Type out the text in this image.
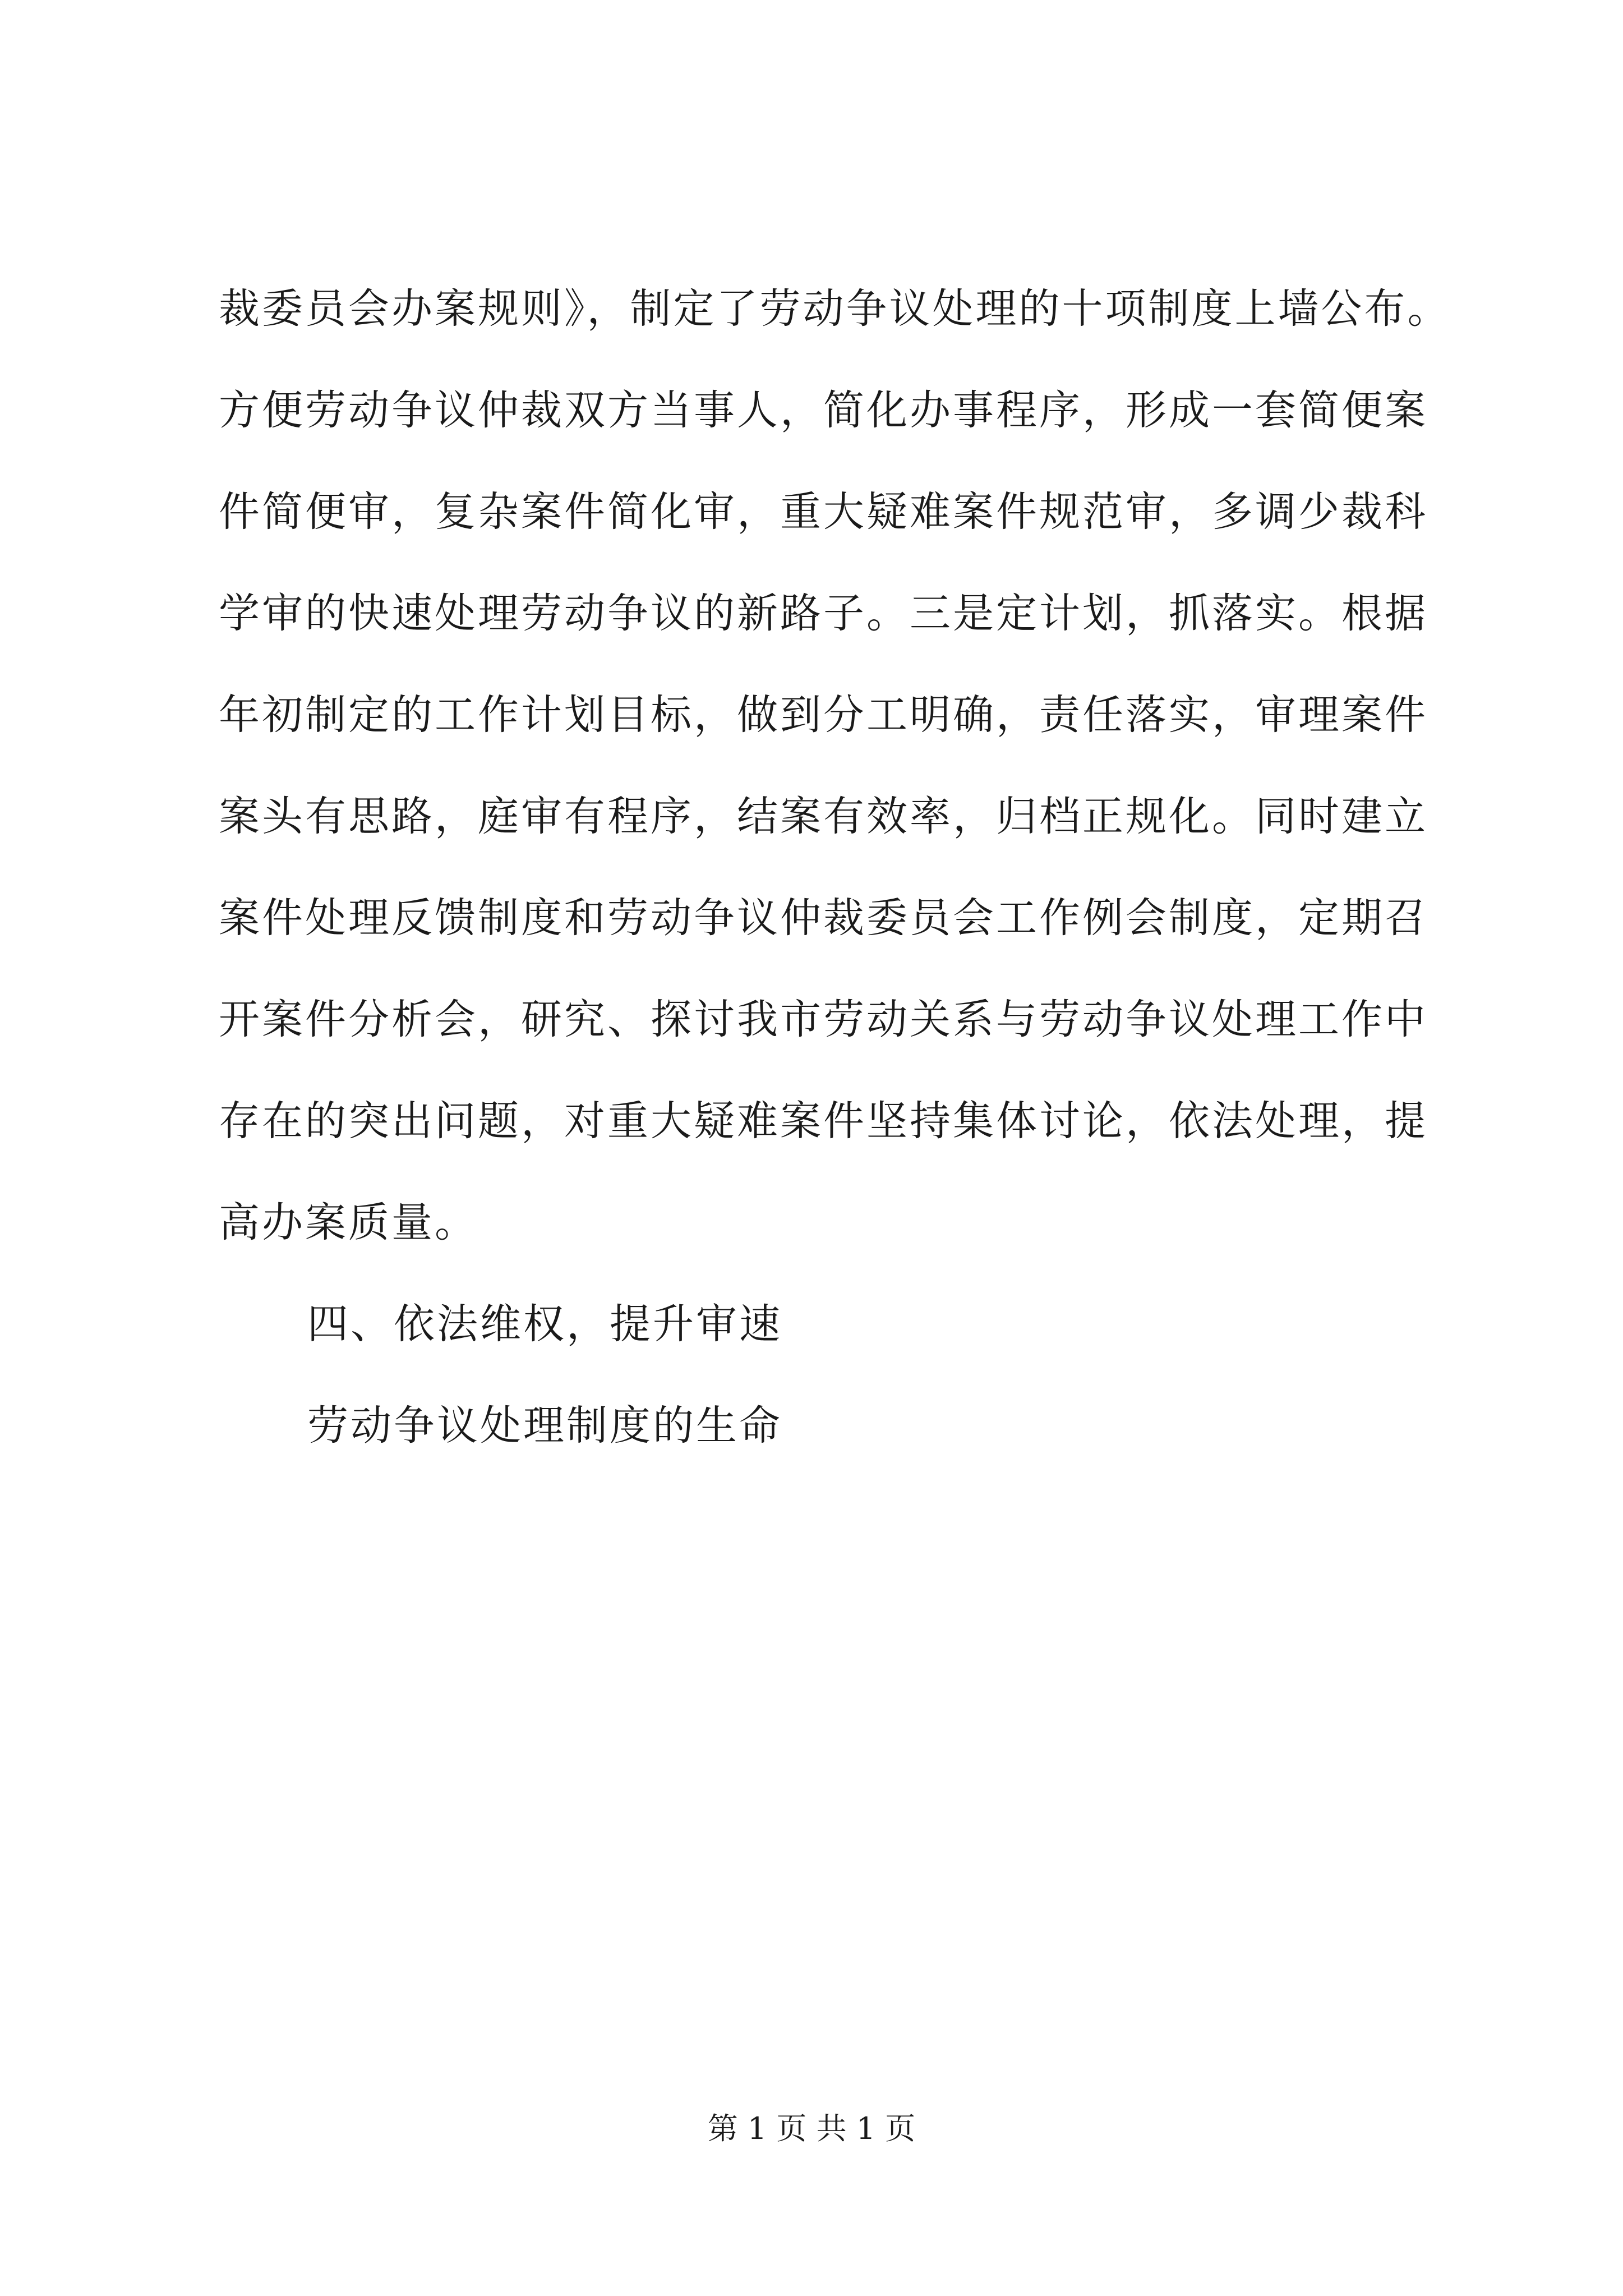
裁委员会办案规则》，制定了劳动争议处理的十项制度上墙公布。
方便劳动争议仲裁双方当事人，简化办事程序，形成一套简便案
件简便审，复杂案件简化审，重大疑难案件规范审，多调少裁科
学审的快速处理劳动争议的新路子。三是定计划，抓落实。根据
年初制定的工作计划目标，做到分工明确，责任落实，审理案件
案头有思路，庭审有程序，结案有效率，归档正规化。同时建立
案件处理反馈制度和劳动争议仲裁委员会工作例会制度，定期召
开案件分析会，研究、探讨我市劳动关系与劳动争议处理工作中
存在的突出问题，对重大疑难案件坚持集体讨论，依法处理，提
高办案质量。
四、依法维权，提升审速
劳动争议处理制度的生命
第 1 页 共 1 页
